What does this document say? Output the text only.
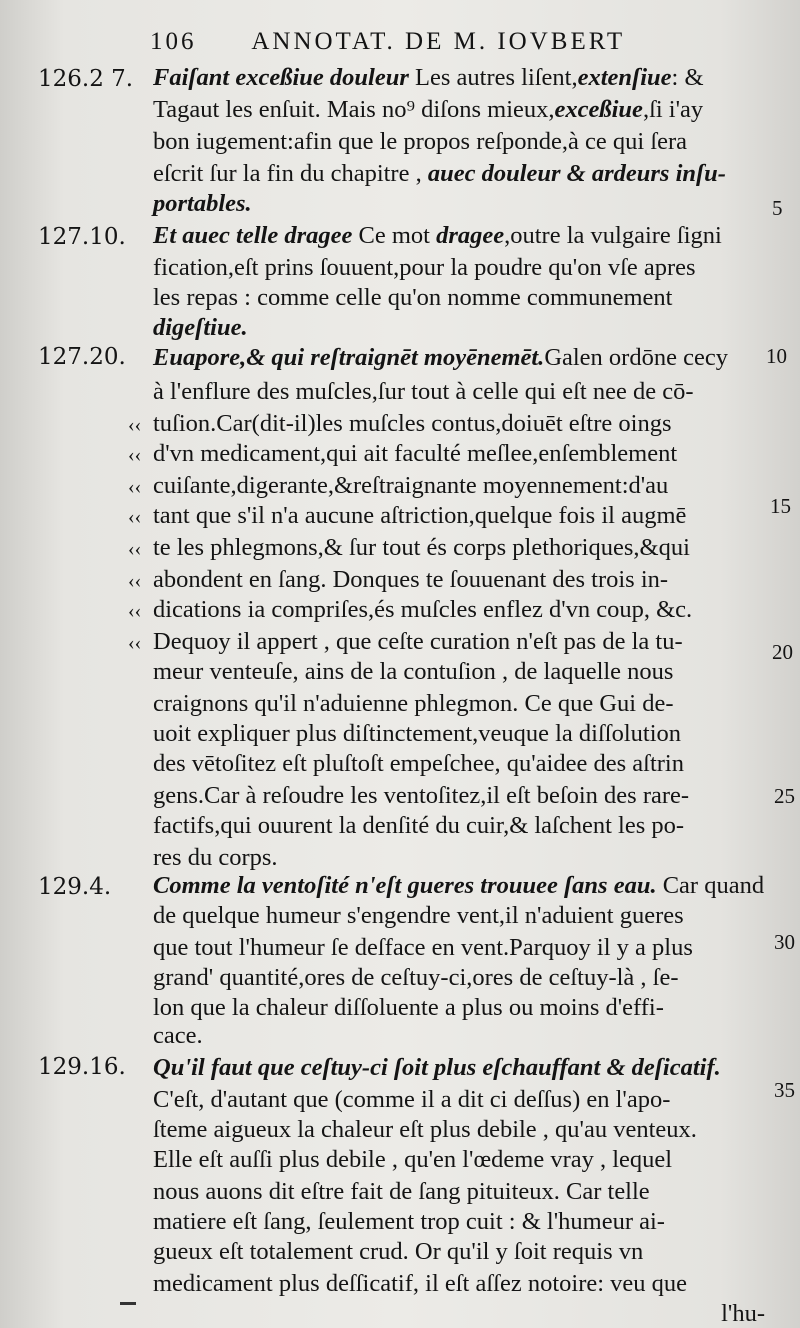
106	ANNOTAT. DE M. IOVBERT
126.2 7.
127.10.
127.20.
129.4.
129.16.
Faiſant exceßiue douleur Les autres liſent,extenſiue: &
Tagaut les enſuit. Mais no⁹ diſons mieux,exceßiue,ſi i'ay
bon iugement:afin que le propos reſponde,à ce qui ſera
eſcrit ſur la fin du chapitre , auec douleur & ardeurs inſu-
portables.
Et auec telle dragee Ce mot dragee,outre la vulgaire ſigni
fication,eſt prins ſouuent,pour la poudre qu'on vſe apres
les repas : comme celle qu'on nomme communement
digeſtiue.
Euapore,& qui reſtraignēt moyēnemēt.Galen ordōne cecy
à l'enflure des muſcles,ſur tout à celle qui eſt nee de cō-
tuſion.Car(dit-il)les muſcles contus,doiuēt eſtre oings
d'vn medicament,qui ait faculté meſlee,enſemblement
cuiſante,digerante,&reſtraignante moyennement:d'au
tant que s'il n'a aucune aſtriction,quelque fois il augmē
te les phlegmons,& ſur tout és corps plethoriques,&qui
abondent en ſang. Donques te ſouuenant des trois in-
dications ia compriſes,és muſcles enflez d'vn coup, &c.
Dequoy il appert , que ceſte curation n'eſt pas de la tu-
meur venteuſe, ains de la contuſion , de laquelle nous
craignons qu'il n'aduienne phlegmon. Ce que Gui de-
uoit expliquer plus diſtinctement,veuque la diſſolution
des vētoſitez eſt pluſtoſt empeſchee, qu'aidee des aſtrin
gens.Car à reſoudre les ventoſitez,il eſt beſoin des rare-
factifs,qui ouurent la denſité du cuir,& laſchent les po-
res du corps.
Comme la ventoſité n'eſt gueres trouuee ſans eau. Car quand
de quelque humeur s'engendre vent,il n'aduient gueres
que tout l'humeur ſe deſface en vent.Parquoy il y a plus
grand' quantité,ores de ceſtuy-ci,ores de ceſtuy-là , ſe-
lon que la chaleur diſſoluente a plus ou moins d'effi-
cace.
Qu'il faut que ceſtuy-ci ſoit plus eſchauffant & deſicatif.
C'eſt, d'autant que (comme il a dit ci deſſus) en l'apo-
ſteme aigueux la chaleur eſt plus debile , qu'au venteux.
Elle eſt auſſi plus debile , qu'en l'œdeme vray , lequel
nous auons dit eſtre fait de ſang pituiteux. Car telle
matiere eſt ſang, ſeulement trop cuit : & l'humeur ai-
gueux eſt totalement crud. Or qu'il y ſoit requis vn
medicament plus deſſicatif, il eſt aſſez notoire: veu que
l'hu-
‹‹
‹‹
‹‹
‹‹
‹‹
‹‹
‹‹
‹‹
5
10
15
20
25
30
35
